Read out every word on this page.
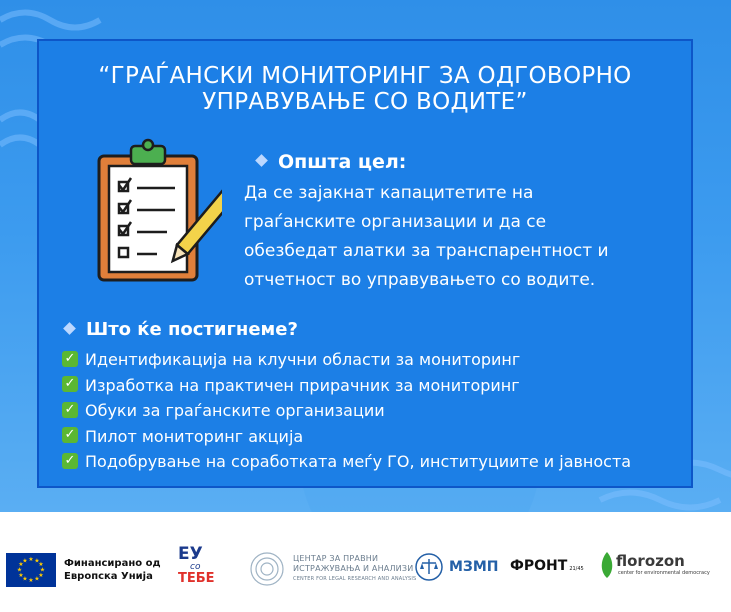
“ГРАЃАНСКИ МОНИТОРИНГ ЗА ОДГОВОРНО
УПРАВУВАЊЕ СО ВОДИТЕ”
Општа цел:
Да се зајакнат капацитетите на
граѓанските организации и да се
обезбедат алатки за транспарентност и
отчетност во управувањето со водите.
Што ќе постигнеме?
✓ Идентификација на клучни области за мониторинг
✓ Изработка на практичен прирачник за мониторинг
✓ Обуки за граѓанските организации
✓ Пилот мониторинг акција
✓ Подобрување на соработката меѓу ГО, институциите и јавноста
★ ★
★
★
★
★
★
★
★
★
★
★	Финансирано од
Европска Унија
ЕУ
со
ТЕБЕ
ЦЕНТАР ЗА ПРАВНИ
ИСТРАЖУВАЊА И АНАЛИЗИ
CENTER FOR LEGAL RESEARCH AND ANALYSIS
МЗМП ФРОНТ 21/45 florozon
center for environmental democracy
